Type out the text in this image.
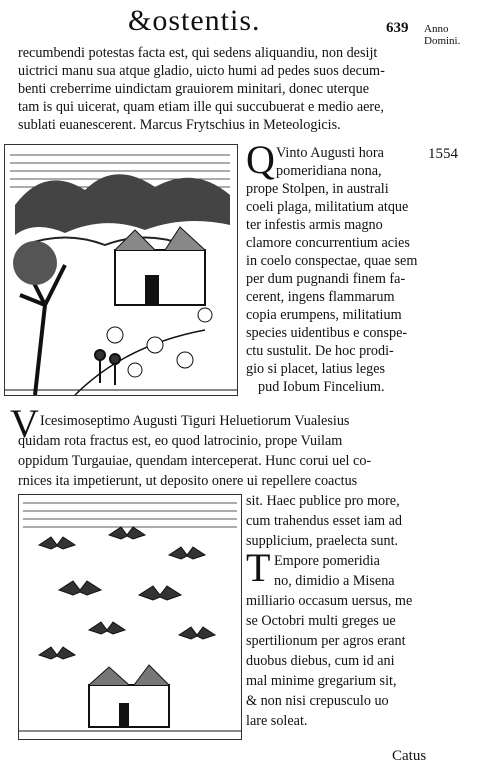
&ostentis.	639 Anno Domini.
recumbendi potestas facta est, qui sedens aliquandiu, non desijt
uictrici manu sua atque gladio, uicto humi ad pedes suos decum-
benti creberrime uindictam grauiorem minitari, donec uterque
tam is qui uicerat, quam etiam ille qui succubuerat e medio aere,
sublati euanescerent. Marcus Frytschius in Meteologicis.
Q	1554
Vinto Augusti hora
pomeridiana nona,
prope Stolpen, in australi
coeli plaga, militatium atque
ter infestis armis magno
clamore concurrentium acies
in coelo conspectae, quae sem
per dum pugnandi finem fa-
cerent, ingens flammarum
copia erumpens, militatium
species uidentibus e conspe-
ctu sustulit. De hoc prodi-
gio si placet, latius leges
pud Iobum Fincelium.
V Icesimoseptimo Augusti Tiguri Heluetiorum Vualesius
quidam rota fractus est, eo quod latrocinio, prope Vuilam
oppidum Turgauiae, quendam interceperat. Hunc corui uel co-
rnices ita impetierunt, ut deposito onere ui repellere coactus
sit. Haec publice pro more,
cum trahendus esset iam ad
supplicium, praelecta sunt.
T Empore pomeridia
no, dimidio a Misena
milliario occasum uersus, me
se Octobri multi greges ue
spertilionum per agros erant
duobus diebus, cum id ani
mal minime gregarium sit,
& non nisi crepusculo uo
lare soleat.
Catus
